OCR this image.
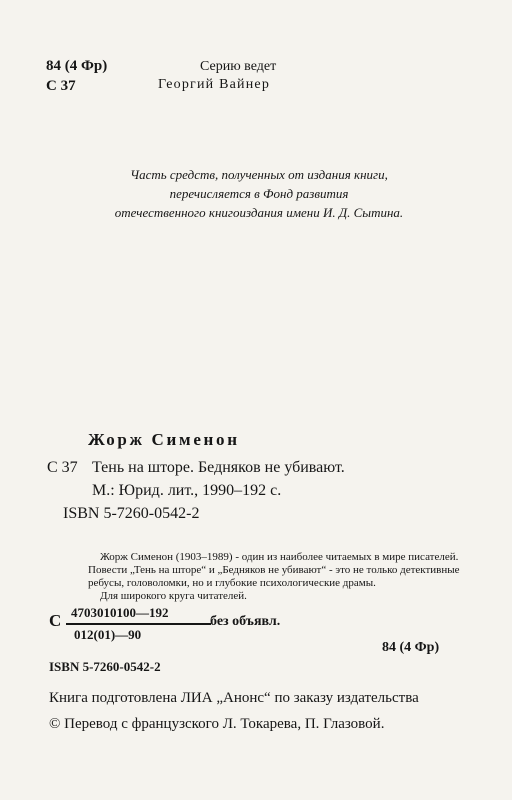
84 (4 Фр)
С 37
Серию ведет
Георгий Вайнер
Часть средств, полученных от издания книги,
перечисляется в Фонд развития
отечественного книгоиздания имени И. Д. Сытина.
Жорж Сименон
С 37 Тень на шторе. Бедняков не убивают.
М.: Юрид. лит., 1990–192 с.
ISBN 5-7260-0542-2

Жорж Сименон (1903–1989) - один из наиболее читаемых в мире писателей. Повести „Тень на шторе“ и „Бедняков не убивают“ - это не только детективные ребусы, головоломки, но и глубокие психологические драмы.

Для широкого круга читателей.

С 4703010100—192
012(01)—90
без объявл.
84 (4 Фр)
ISBN 5-7260-0542-2
Книга подготовлена ЛИА „Анонс“ по заказу издательства
© Перевод с французского Л. Токарева, П. Глазовой.
